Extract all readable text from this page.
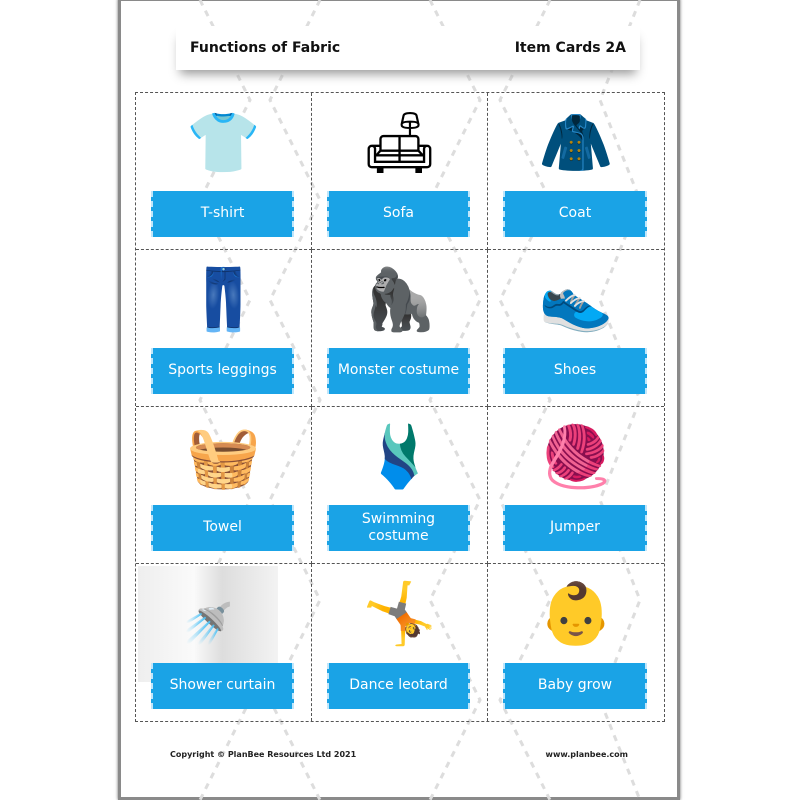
Functions of Fabric	Item Cards 2A
👕
T-shirt
🛋
Sofa
🧥
Coat
👖
Sports leggings
🦍
Monster costume
👟
Shoes
🧺
Towel
🩱
Swimming costume
🧶
Jumper
🚿
Shower curtain
🤸
Dance leotard
👶
Baby grow
Copyright © PlanBee Resources Ltd 2021	www.planbee.com
